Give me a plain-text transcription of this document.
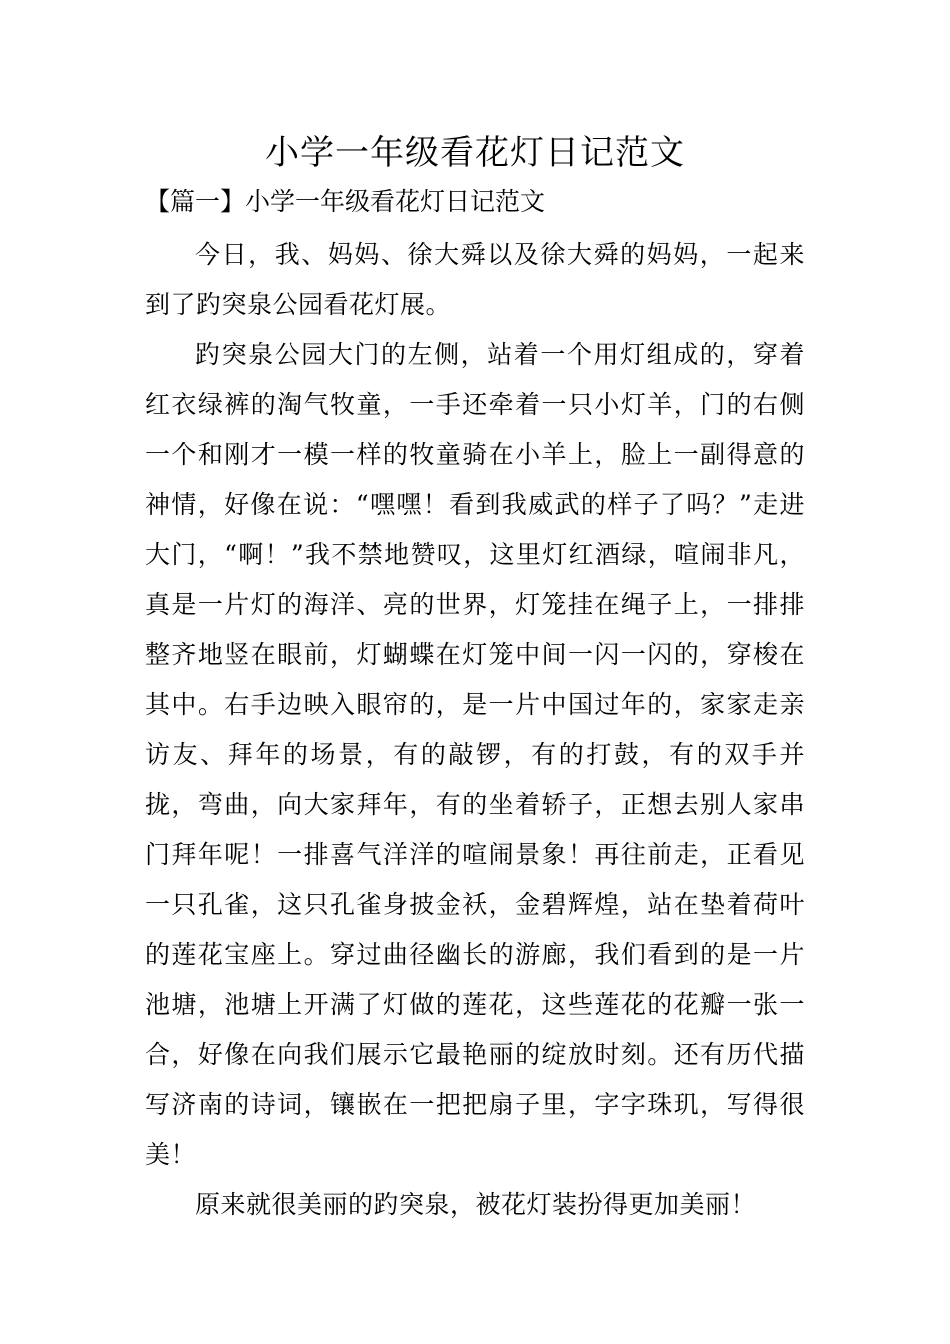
小学一年级看花灯日记范文
【篇一】小学一年级看花灯日记范文

今日，我、妈妈、徐大舜以及徐大舜的妈妈，一起来到了趵突泉公园看花灯展。

趵突泉公园大门的左侧，站着一个用灯组成的，穿着红衣绿裤的淘气牧童，一手还牵着一只小灯羊，门的右侧一个和刚才一模一样的牧童骑在小羊上，脸上一副得意的神情，好像在说：“嘿嘿！看到我威武的样子了吗？”走进大门，“啊！”我不禁地赞叹，这里灯红酒绿，喧闹非凡，真是一片灯的海洋、亮的世界，灯笼挂在绳子上，一排排整齐地竖在眼前，灯蝴蝶在灯笼中间一闪一闪的，穿梭在其中。右手边映入眼帘的，是一片中国过年的，家家走亲访友、拜年的场景，有的敲锣，有的打鼓，有的双手并拢，弯曲，向大家拜年，有的坐着轿子，正想去别人家串门拜年呢！一排喜气洋洋的喧闹景象！再往前走，正看见一只孔雀，这只孔雀身披金袄，金碧辉煌，站在垫着荷叶的莲花宝座上。穿过曲径幽长的游廊，我们看到的是一片池塘，池塘上开满了灯做的莲花，这些莲花的花瓣一张一合，好像在向我们展示它最艳丽的绽放时刻。还有历代描写济南的诗词，镶嵌在一把把扇子里，字字珠玑，写得很美！

原来就很美丽的趵突泉，被花灯装扮得更加美丽！
